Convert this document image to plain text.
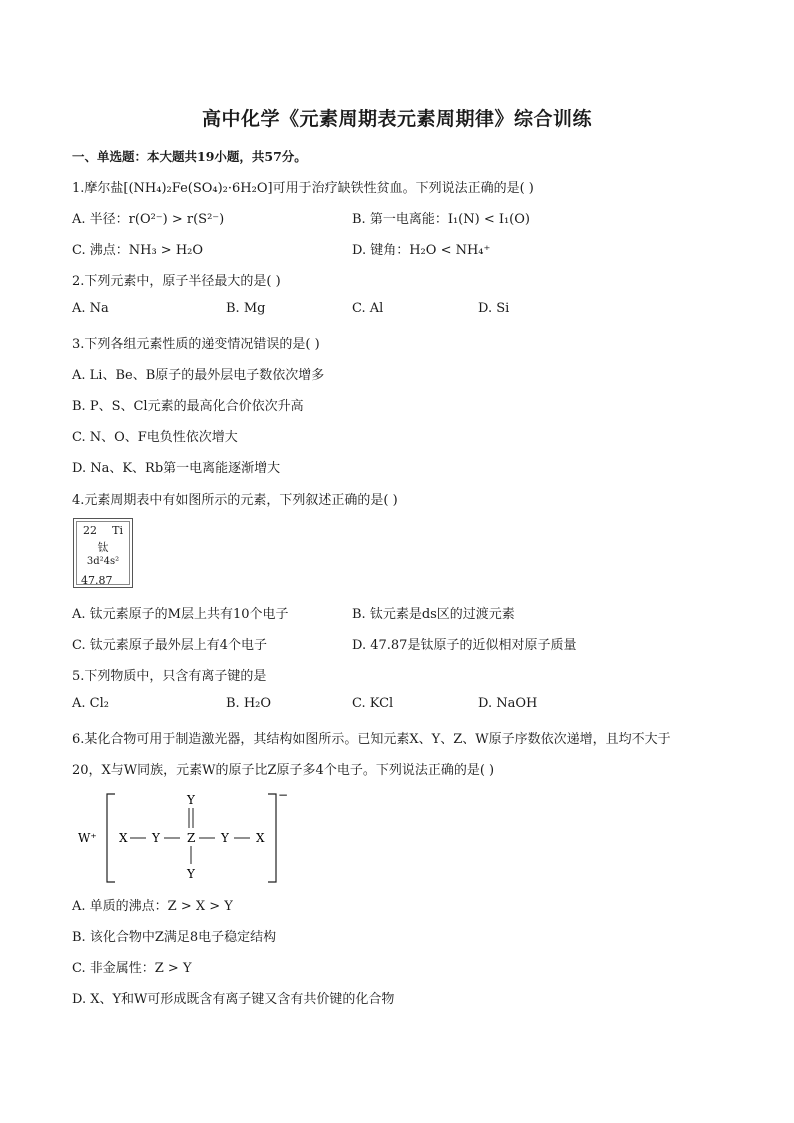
高中化学《元素周期表元素周期律》综合训练
一、单选题：本大题共19小题，共57分。
1.摩尔盐[(NH₄)₂Fe(SO₄)₂·6H₂O]可用于治疗缺铁性贫血。下列说法正确的是( )
A. 半径：r(O²⁻) > r(S²⁻)	B. 第一电离能：I₁(N) < I₁(O)
C. 沸点：NH₃ > H₂O	D. 键角：H₂O < NH₄⁺
2.下列元素中，原子半径最大的是( )
A. Na	B. Mg	C. Al	D. Si
3.下列各组元素性质的递变情况错误的是( )
A. Li、Be、B原子的最外层电子数依次增多
B. P、S、Cl元素的最高化合价依次升高
C. N、O、F电负性依次增大
D. Na、K、Rb第一电离能逐渐增大
4.元素周期表中有如图所示的元素，下列叙述正确的是( )
22 Ti
钛
3d²4s²
47.87
A. 钛元素原子的M层上共有10个电子	B. 钛元素是ds区的过渡元素
C. 钛元素原子最外层上有4个电子	D. 47.87是钛原子的近似相对原子质量
5.下列物质中，只含有离子键的是
A. Cl₂	B. H₂O	C. KCl	D. NaOH
6.某化合物可用于制造激光器，其结构如图所示。已知元素X、Y、Z、W原子序数依次递增，且均不大于
20，X与W同族，元素W的原子比Z原子多4个电子。下列说法正确的是( )
W⁺
−
X Y Z Y X
Y
Y
A. 单质的沸点：Z > X > Y
B. 该化合物中Z满足8电子稳定结构
C. 非金属性：Z > Y
D. X、Y和W可形成既含有离子键又含有共价键的化合物
